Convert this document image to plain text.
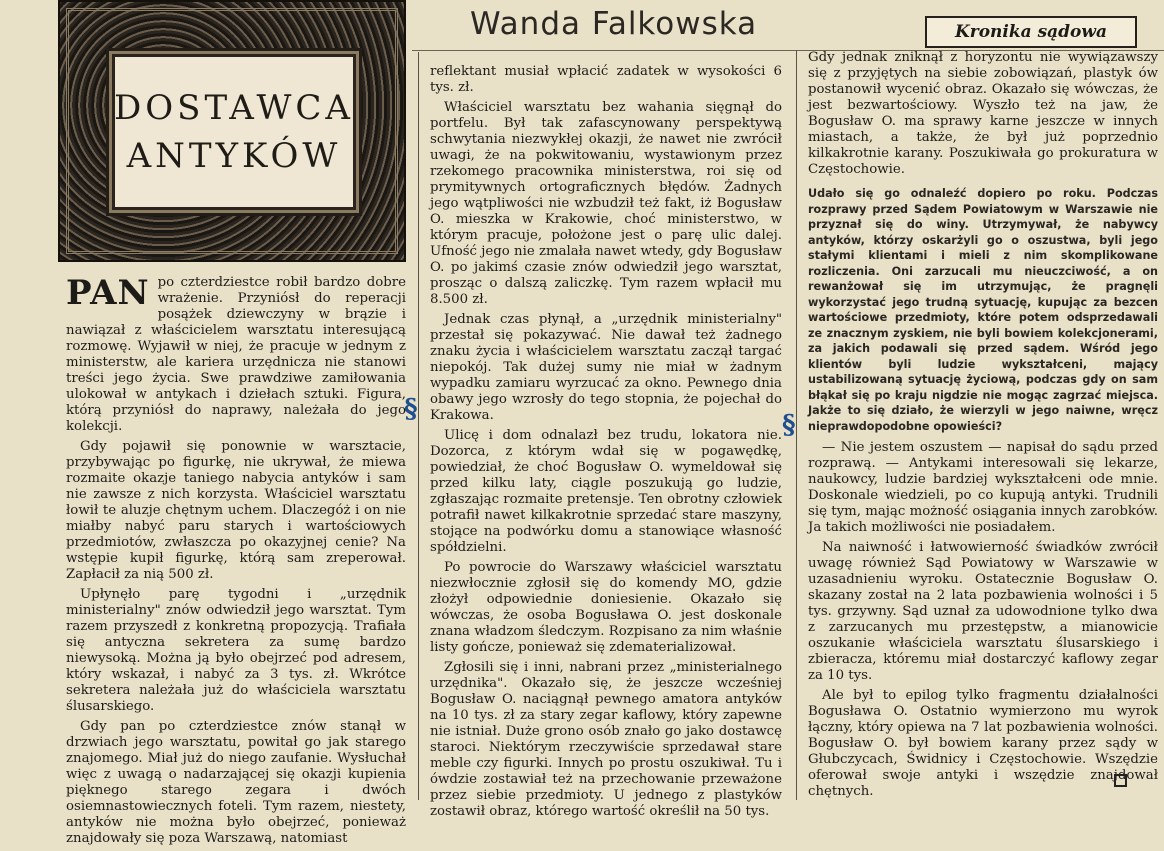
DOSTAWCA
ANTYKÓW
Wanda Falkowska	Kronika sądowa
§
§

PAN po czterdziestce robił bardzo dobre wrażenie. Przyniósł do reperacji posążek dziewczyny w brązie i nawiązał z właścicielem warsztatu interesującą rozmowę. Wyjawił w niej, że pracuje w jednym z ministerstw, ale kariera urzędnicza nie stanowi treści jego życia. Swe prawdziwe zamiłowania ulokował w antykach i dziełach sztuki. Figura, którą przyniósł do naprawy, należała do jego kolekcji.

Gdy pojawił się ponownie w warsztacie, przybywając po figurkę, nie ukrywał, że miewa rozmaite okazje taniego nabycia antyków i sam nie zawsze z nich korzysta. Właściciel warsztatu łowił te aluzje chętnym uchem. Dlaczegóż i on nie miałby nabyć paru starych i wartościowych przedmiotów, zwłaszcza po okazyjnej cenie? Na wstępie kupił figurkę, którą sam zreperował. Zapłacił za nią 500 zł.

Upłynęło parę tygodni i „urzędnik ministerialny" znów odwiedził jego warsztat. Tym razem przyszedł z konkretną propozycją. Trafiała się antyczna sekretera za sumę bardzo niewysoką. Można ją było obejrzeć pod adresem, który wskazał, i nabyć za 3 tys. zł. Wkrótce sekretera należała już do właściciela warsztatu ślusarskiego.

Gdy pan po czterdziestce znów stanął w drzwiach jego warsztatu, powitał go jak starego znajomego. Miał już do niego zaufanie. Wysłuchał więc z uwagą o nadarzającej się okazji kupienia pięknego starego zegara i dwóch osiemnastowiecznych foteli. Tym razem, niestety, antyków nie można było obejrzeć, ponieważ znajdowały się poza Warszawą, natomiast

reflektant musiał wpłacić zadatek w wysokości 6 tys. zł.

Właściciel warsztatu bez wahania sięgnął do portfelu. Był tak zafascynowany perspektywą schwytania niezwykłej okazji, że nawet nie zwrócił uwagi, że na pokwitowaniu, wystawionym przez rzekomego pracownika ministerstwa, roi się od prymitywnych ortograficznych błędów. Żadnych jego wątpliwości nie wzbudził też fakt, iż Bogusław O. mieszka w Krakowie, choć ministerstwo, w którym pracuje, położone jest o parę ulic dalej. Ufność jego nie zmalała nawet wtedy, gdy Bogusław O. po jakimś czasie znów odwiedził jego warsztat, prosząc o dalszą zaliczkę. Tym razem wpłacił mu 8.500 zł.

Jednak czas płynął, a „urzędnik ministerialny" przestał się pokazywać. Nie dawał też żadnego znaku życia i właścicielem warsztatu zaczął targać niepokój. Tak dużej sumy nie miał w żadnym wypadku zamiaru wyrzucać za okno. Pewnego dnia obawy jego wzrosły do tego stopnia, że pojechał do Krakowa.

Ulicę i dom odnalazł bez trudu, lokatora nie. Dozorca, z którym wdał się w pogawędkę, powiedział, że choć Bogusław O. wymeldował się przed kilku laty, ciągle poszukują go ludzie, zgłaszając rozmaite pretensje. Ten obrotny człowiek potrafił nawet kilkakrotnie sprzedać stare maszyny, stojące na podwórku domu a stanowiące własność spółdzielni.

Po powrocie do Warszawy właściciel warsztatu niezwłocznie zgłosił się do komendy MO, gdzie złożył odpowiednie doniesienie. Okazało się wówczas, że osoba Bogusława O. jest doskonale znana władzom śledczym. Rozpisano za nim właśnie listy gończe, ponieważ się zdematerializował.

Zgłosili się i inni, nabrani przez „ministerialnego urzędnika". Okazało się, że jeszcze wcześniej Bogusław O. naciągnął pewnego amatora antyków na 10 tys. zł za stary zegar kaflowy, który zapewne nie istniał. Duże grono osób znało go jako dostawcę staroci. Niektórym rzeczywiście sprzedawał stare meble czy figurki. Innych po prostu oszukiwał. Tu i ówdzie zostawiał też na przechowanie przeważone przez siebie przedmioty. U jednego z plastyków zostawił obraz, którego wartość określił na 50 tys.

Gdy jednak zniknął z horyzontu nie wywiązawszy się z przyjętych na siebie zobowiązań, plastyk ów postanowił wycenić obraz. Okazało się wówczas, że jest bezwartościowy. Wyszło też na jaw, że Bogusław O. ma sprawy karne jeszcze w innych miastach, a także, że był już poprzednio kilkakrotnie karany. Poszukiwała go prokuratura w Częstochowie.

Udało się go odnaleźć dopiero po roku. Podczas rozprawy przed Sądem Powiatowym w Warszawie nie przyznał się do winy. Utrzymywał, że nabywcy antyków, którzy oskarżyli go o oszustwa, byli jego stałymi klientami i mieli z nim skomplikowane rozliczenia. Oni zarzucali mu nieuczciwość, a on rewanżował się im utrzymując, że pragnęli wykorzystać jego trudną sytuację, kupując za bezcen wartościowe przedmioty, które potem odsprzedawali ze znacznym zyskiem, nie byli bowiem kolekcjonerami, za jakich podawali się przed sądem. Wśród jego klientów byli ludzie wykształceni, mający ustabilizowaną sytuację życiową, podczas gdy on sam błąkał się po kraju nigdzie nie mogąc zagrzać miejsca. Jakże to się działo, że wierzyli w jego naiwne, wręcz nieprawdopodobne opowieści?

— Nie jestem oszustem — napisał do sądu przed rozprawą. — Antykami interesowali się lekarze, naukowcy, ludzie bardziej wykształceni ode mnie. Doskonale wiedzieli, po co kupują antyki. Trudnili się tym, mając możność osiągania innych zarobków. Ja takich możliwości nie posiadałem.

Na naiwność i łatwowierność świadków zwrócił uwagę również Sąd Powiatowy w Warszawie w uzasadnieniu wyroku. Ostatecznie Bogusław O. skazany został na 2 lata pozbawienia wolności i 5 tys. grzywny. Sąd uznał za udowodnione tylko dwa z zarzucanych mu przestępstw, a mianowicie oszukanie właściciela warsztatu ślusarskiego i zbieracza, któremu miał dostarczyć kaflowy zegar za 10 tys.

Ale był to epilog tylko fragmentu działalności Bogusława O. Ostatnio wymierzono mu wyrok łączny, który opiewa na 7 lat pozbawienia wolności. Bogusław O. był bowiem karany przez sądy w Głubczycach, Świdnicy i Częstochowie. Wszędzie oferował swoje antyki i wszędzie znajdował chętnych.
